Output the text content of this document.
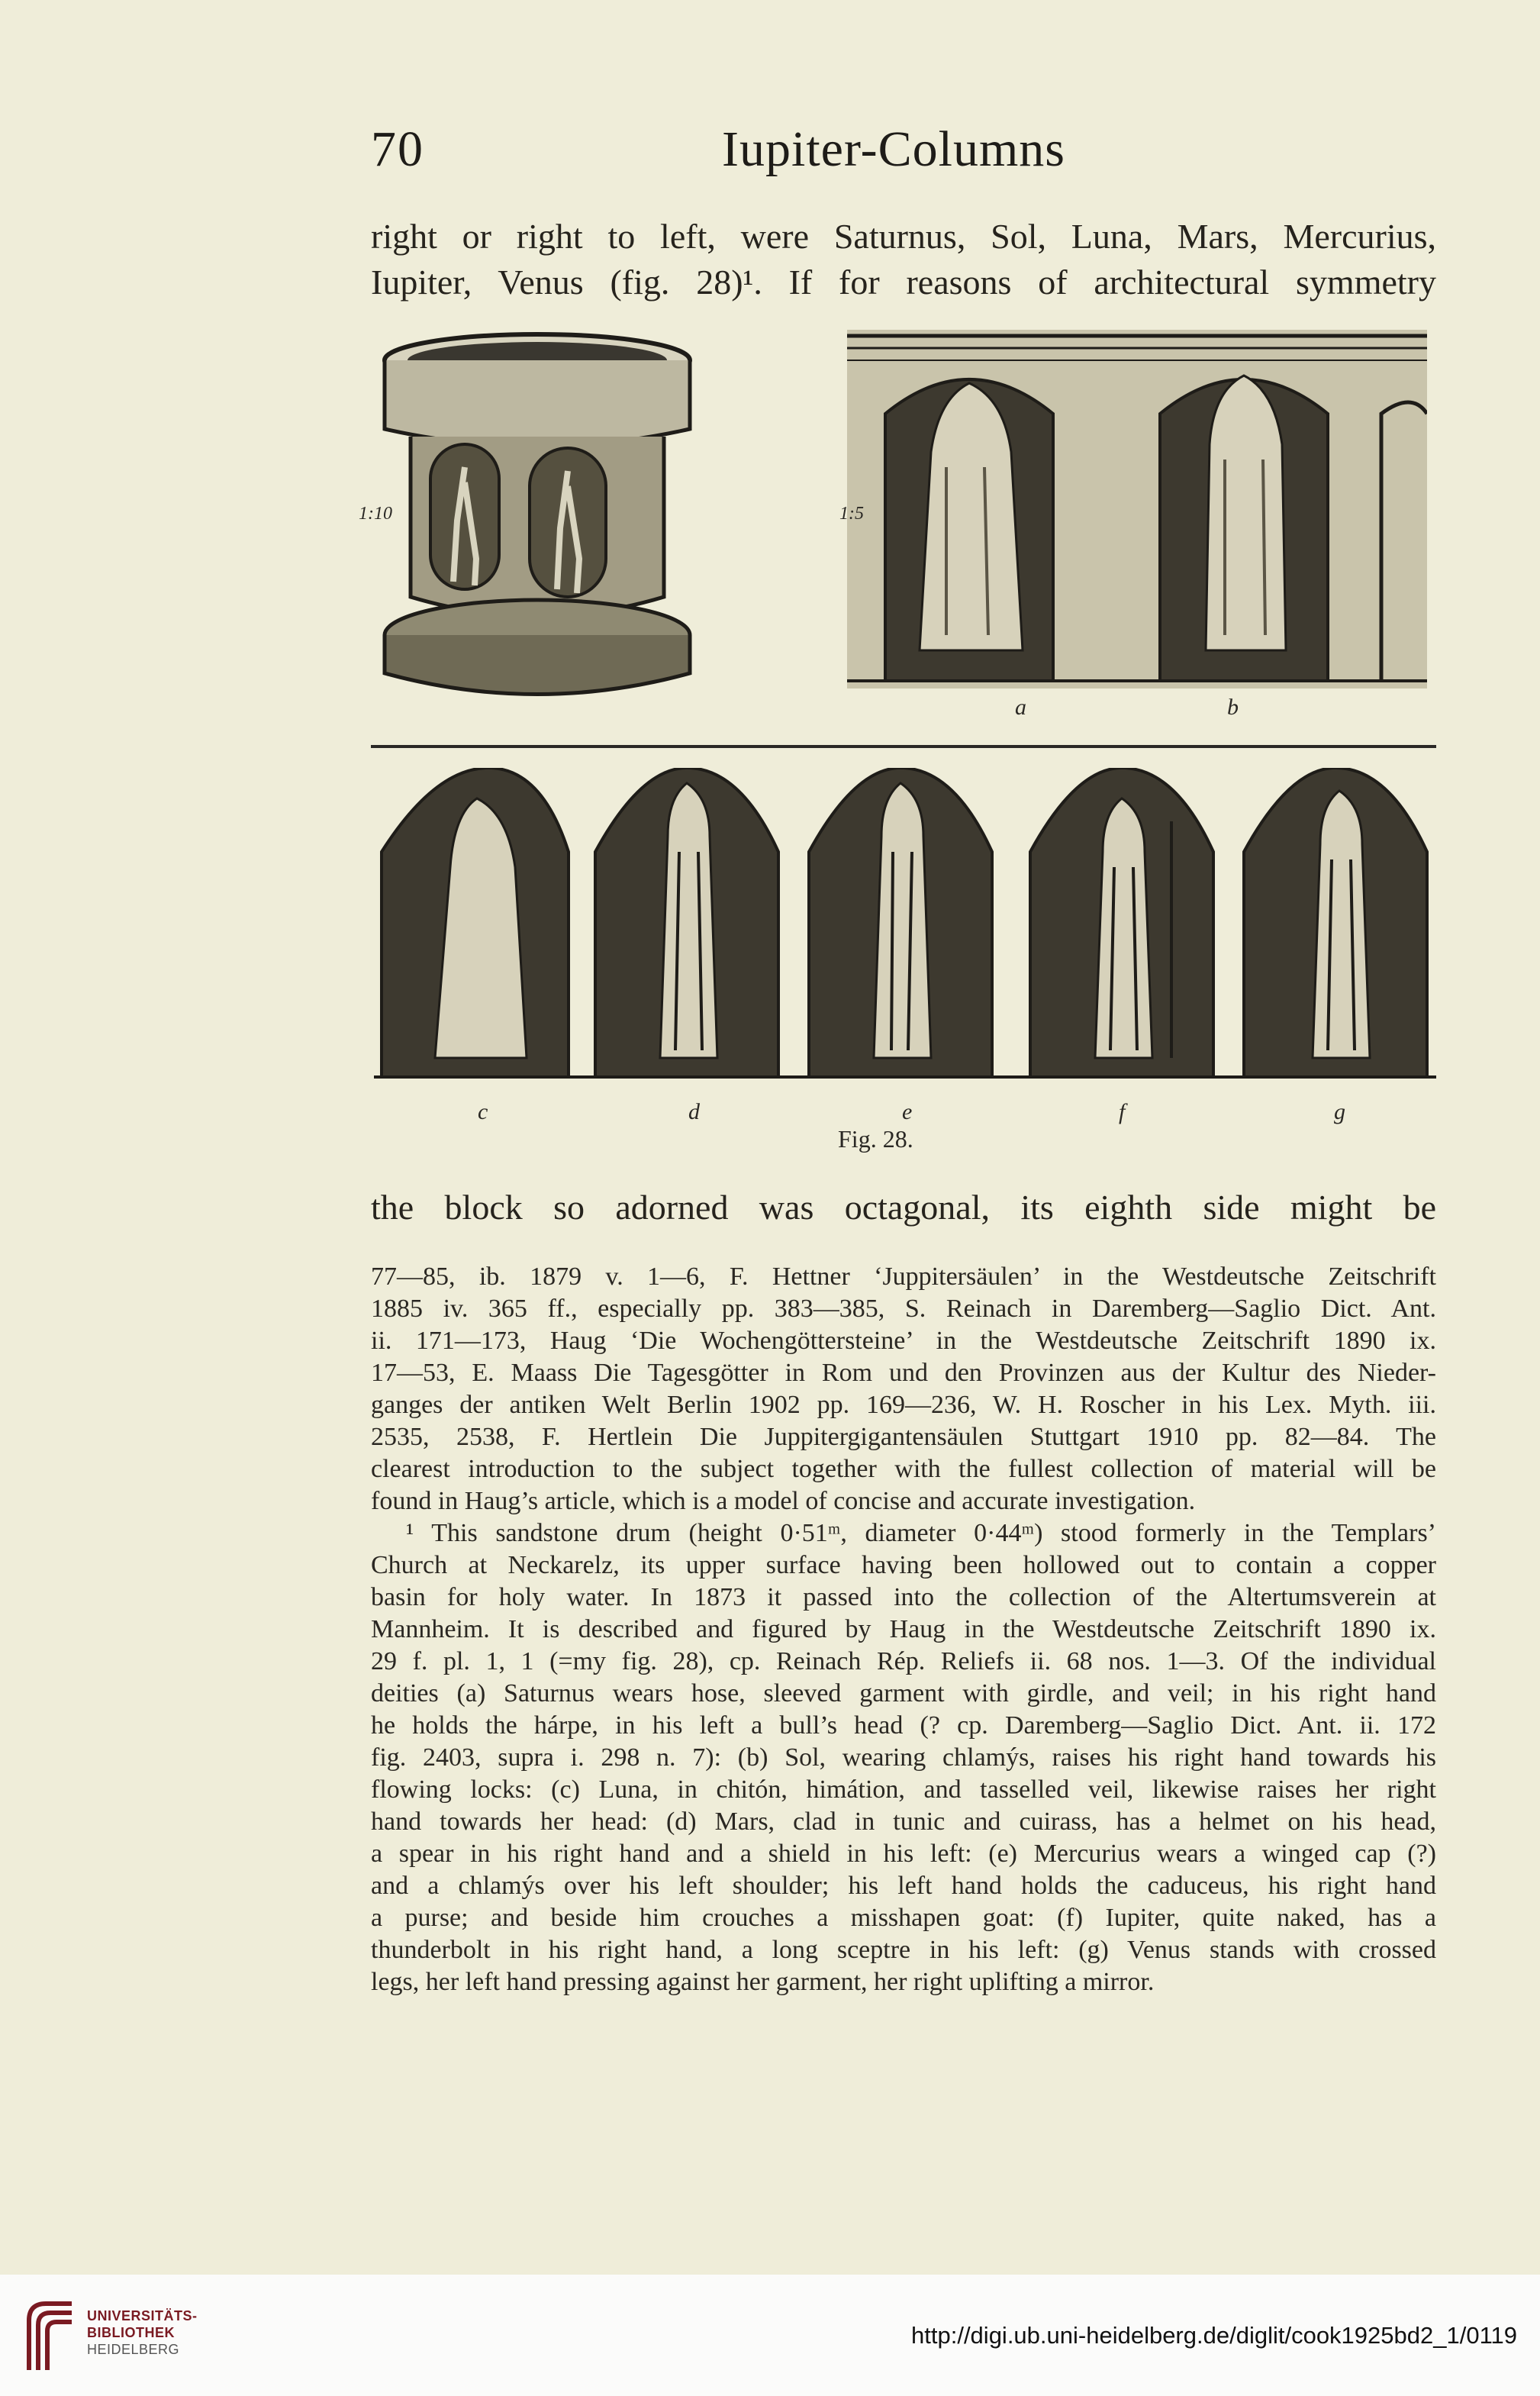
70	Iupiter-Columns
right or right to left, were Saturnus, Sol, Luna, Mars, Mercurius,
Iupiter, Venus (fig. 28)¹. If for reasons of architectural symmetry
1:10	1:5
a	b
c	d	e	f	g
Fig. 28.
the block so adorned was octagonal, its eighth side might be
77—85, ib. 1879 v. 1—6, F. Hettner ‘Juppitersäulen’ in the Westdeutsche Zeitschrift
1885 iv. 365 ff., especially pp. 383—385, S. Reinach in Daremberg—Saglio Dict. Ant.
ii. 171—173, Haug ‘Die Wochengöttersteine’ in the Westdeutsche Zeitschrift 1890 ix.
17—53, E. Maass Die Tagesgötter in Rom und den Provinzen aus der Kultur des Nieder-
ganges der antiken Welt Berlin 1902 pp. 169—236, W. H. Roscher in his Lex. Myth. iii.
2535, 2538, F. Hertlein Die Juppitergigantensäulen Stuttgart 1910 pp. 82—84. The
clearest introduction to the subject together with the fullest collection of material will be
found in Haug’s article, which is a model of concise and accurate investigation.
¹ This sandstone drum (height 0·51ᵐ, diameter 0·44ᵐ) stood formerly in the Templars’
Church at Neckarelz, its upper surface having been hollowed out to contain a copper
basin for holy water. In 1873 it passed into the collection of the Altertumsverein at
Mannheim. It is described and figured by Haug in the Westdeutsche Zeitschrift 1890 ix.
29 f. pl. 1, 1 (=my fig. 28), cp. Reinach Rép. Reliefs ii. 68 nos. 1—3. Of the individual
deities (a) Saturnus wears hose, sleeved garment with girdle, and veil; in his right hand
he holds the hárpe, in his left a bull’s head (? cp. Daremberg—Saglio Dict. Ant. ii. 172
fig. 2403, supra i. 298 n. 7): (b) Sol, wearing chlamýs, raises his right hand towards his
flowing locks: (c) Luna, in chitón, himátion, and tasselled veil, likewise raises her right
hand towards her head: (d) Mars, clad in tunic and cuirass, has a helmet on his head,
a spear in his right hand and a shield in his left: (e) Mercurius wears a winged cap (?)
and a chlamýs over his left shoulder; his left hand holds the caduceus, his right hand
a purse; and beside him crouches a misshapen goat: (f) Iupiter, quite naked, has a
thunderbolt in his right hand, a long sceptre in his left: (g) Venus stands with crossed
legs, her left hand pressing against her garment, her right uplifting a mirror.
UNIVERSITÄTS-
BIBLIOTHEK
HEIDELBERG
http://digi.ub.uni-heidelberg.de/diglit/cook1925bd2_1/0119
